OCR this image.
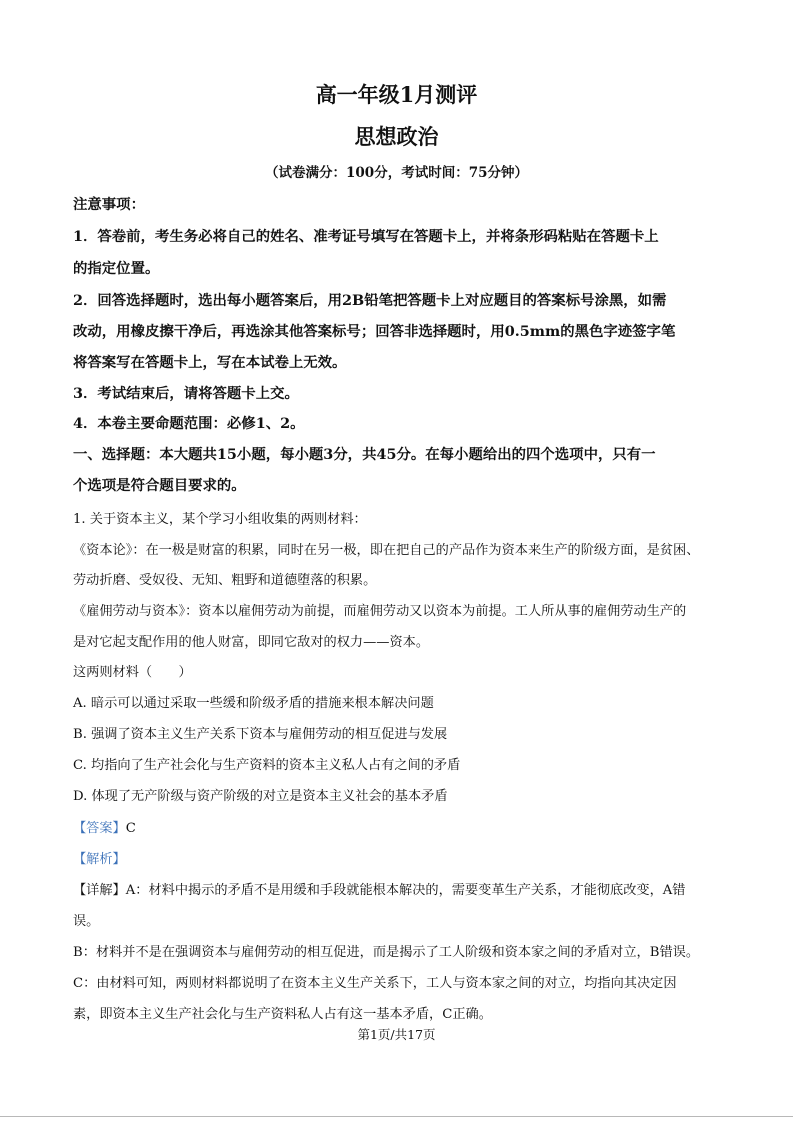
高一年级1月测评
思想政治
（试卷满分：100分，考试时间：75分钟）
注意事项：
1．答卷前，考生务必将自己的姓名、准考证号填写在答题卡上，并将条形码粘贴在答题卡上
的指定位置。
2．回答选择题时，选出每小题答案后，用2B铅笔把答题卡上对应题目的答案标号涂黑，如需
改动，用橡皮擦干净后，再选涂其他答案标号；回答非选择题时，用0.5mm的黑色字迹签字笔
将答案写在答题卡上，写在本试卷上无效。
3．考试结束后，请将答题卡上交。
4．本卷主要命题范围：必修1、2。
一、选择题：本大题共15小题，每小题3分，共45分。在每小题给出的四个选项中，只有一
个选项是符合题目要求的。
1. 关于资本主义，某个学习小组收集的两则材料：
《资本论》：在一极是财富的积累，同时在另一极，即在把自己的产品作为资本来生产的阶级方面，是贫困、
劳动折磨、受奴役、无知、粗野和道德堕落的积累。
《雇佣劳动与资本》：资本以雇佣劳动为前提，而雇佣劳动又以资本为前提。工人所从事的雇佣劳动生产的
是对它起支配作用的他人财富，即同它敌对的权力——资本。
这两则材料（　　）
A. 暗示可以通过采取一些缓和阶级矛盾的措施来根本解决问题
B. 强调了资本主义生产关系下资本与雇佣劳动的相互促进与发展
C. 均指向了生产社会化与生产资料的资本主义私人占有之间的矛盾
D. 体现了无产阶级与资产阶级的对立是资本主义社会的基本矛盾
【答案】C
【解析】
【详解】A：材料中揭示的矛盾不是用缓和手段就能根本解决的，需要变革生产关系，才能彻底改变，A错
误。
B：材料并不是在强调资本与雇佣劳动的相互促进，而是揭示了工人阶级和资本家之间的矛盾对立，B错误。
C：由材料可知，两则材料都说明了在资本主义生产关系下，工人与资本家之间的对立，均指向其决定因
素，即资本主义生产社会化与生产资料私人占有这一基本矛盾，C正确。
第1页/共17页
